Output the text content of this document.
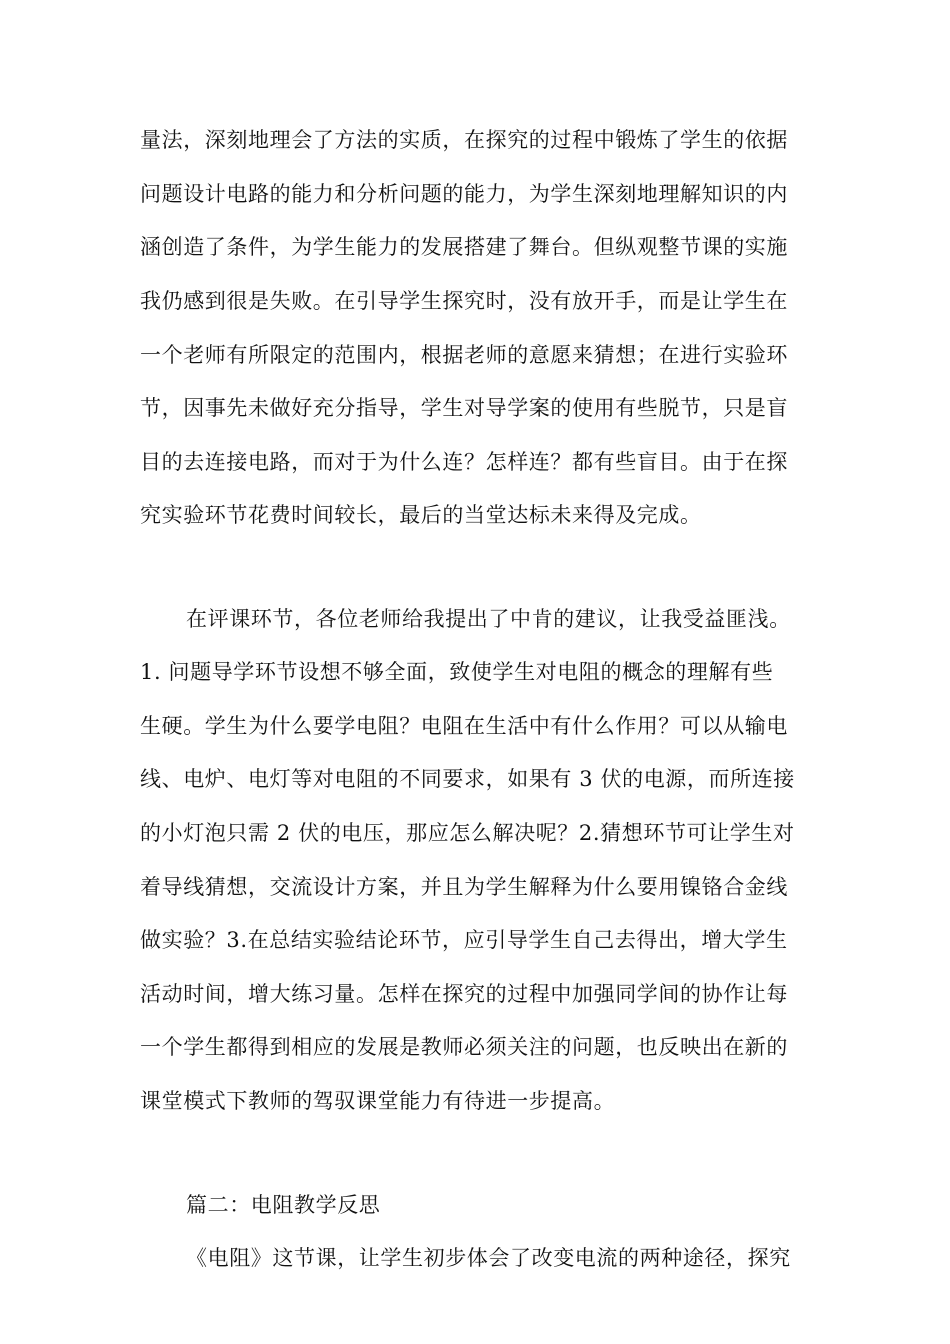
量法，深刻地理会了方法的实质，在探究的过程中锻炼了学生的依据
问题设计电路的能力和分析问题的能力，为学生深刻地理解知识的内
涵创造了条件，为学生能力的发展搭建了舞台。但纵观整节课的实施
我仍感到很是失败。在引导学生探究时，没有放开手，而是让学生在
一个老师有所限定的范围内，根据老师的意愿来猜想；在进行实验环
节，因事先未做好充分指导，学生对导学案的使用有些脱节，只是盲
目的去连接电路，而对于为什么连？怎样连？都有些盲目。由于在探
究实验环节花费时间较长，最后的当堂达标未来得及完成。
在评课环节，各位老师给我提出了中肯的建议，让我受益匪浅。
1. 问题导学环节设想不够全面，致使学生对电阻的概念的理解有些
生硬。学生为什么要学电阻？电阻在生活中有什么作用？可以从输电
线、电炉、电灯等对电阻的不同要求，如果有 3 伏的电源，而所连接
的小灯泡只需 2 伏的电压，那应怎么解决呢？2.猜想环节可让学生对
着导线猜想，交流设计方案，并且为学生解释为什么要用镍铬合金线
做实验？3.在总结实验结论环节，应引导学生自己去得出，增大学生
活动时间，增大练习量。怎样在探究的过程中加强同学间的协作让每
一个学生都得到相应的发展是教师必须关注的问题，也反映出在新的
课堂模式下教师的驾驭课堂能力有待进一步提高。
篇二：电阻教学反思
《电阻》这节课，让学生初步体会了改变电流的两种途径，探究
